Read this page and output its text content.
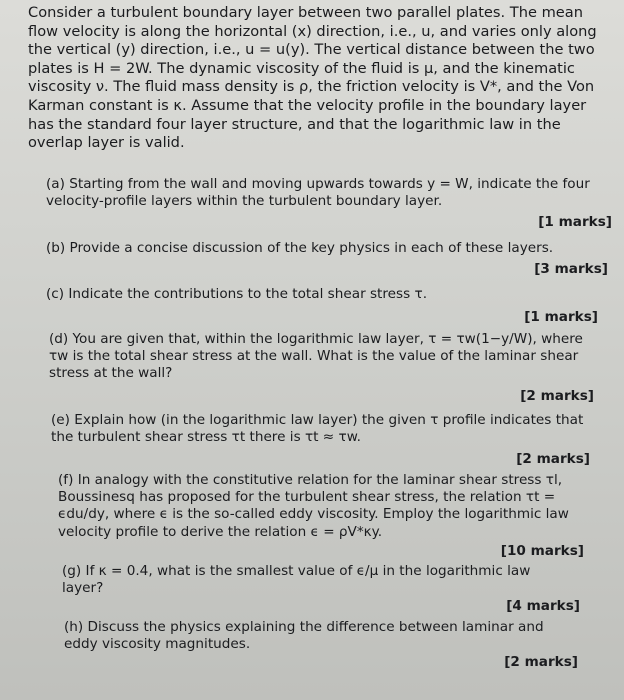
Consider a turbulent boundary layer between two parallel plates. The mean flow velocity is along the horizontal (x) direction, i.e., u, and varies only along the vertical (y) direction, i.e., u = u(y). The vertical distance between the two plates is H = 2W. The dynamic viscosity of the fluid is μ, and the kinematic viscosity ν. The fluid mass density is ρ, the friction velocity is V*, and the Von Karman constant is κ. Assume that the velocity profile in the boundary layer has the standard four layer structure, and that the logarithmic law in the overlap layer is valid.
(a) Starting from the wall and moving upwards towards y = W, indicate the four velocity-profile layers within the turbulent boundary layer.
[1 marks]
(b) Provide a concise discussion of the key physics in each of these layers.
[3 marks]
(c) Indicate the contributions to the total shear stress τ.
[1 marks]
(d) You are given that, within the logarithmic law layer, τ = τw(1−y/W), where τw is the total shear stress at the wall. What is the value of the laminar shear stress at the wall?
[2 marks]
(e) Explain how (in the logarithmic law layer) the given τ profile indicates that the turbulent shear stress τt there is τt ≈ τw.
[2 marks]
(f) In analogy with the constitutive relation for the laminar shear stress τl, Boussinesq has proposed for the turbulent shear stress, the relation τt = ϵdu/dy, where ϵ is the so-called eddy viscosity. Employ the logarithmic law velocity profile to derive the relation ϵ = ρV*κy.
[10 marks]
(g) If κ = 0.4, what is the smallest value of ϵ/μ in the logarithmic law layer?
[4 marks]
(h) Discuss the physics explaining the difference between laminar and eddy viscosity magnitudes.
[2 marks]
